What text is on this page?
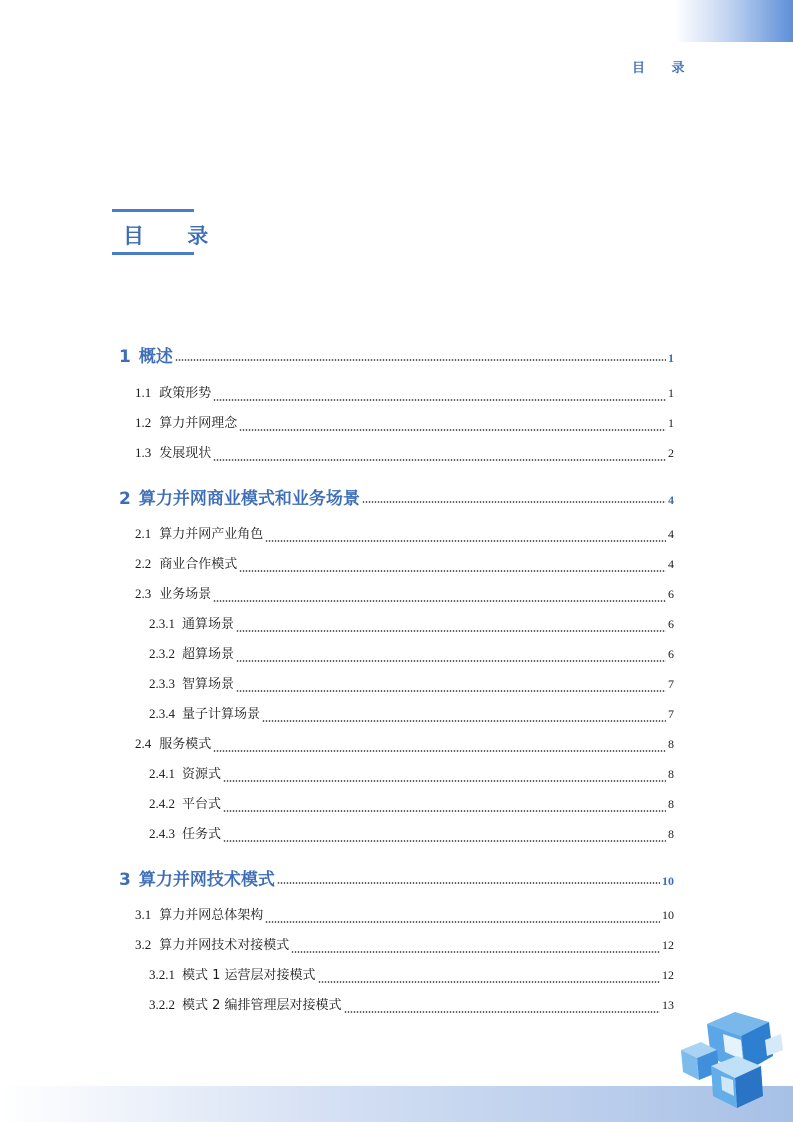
目 录
目 录
1 概述	1
1.1 政策形势	1
1.2 算力并网理念	1
1.3 发展现状	2
2 算力并网商业模式和业务场景	4
2.1 算力并网产业角色	4
2.2 商业合作模式	4
2.3 业务场景	6
2.3.1 通算场景	6
2.3.2 超算场景	6
2.3.3 智算场景	7
2.3.4 量子计算场景	7
2.4 服务模式	8
2.4.1 资源式	8
2.4.2 平台式	8
2.4.3 任务式	8
3 算力并网技术模式	10
3.1 算力并网总体架构	10
3.2 算力并网技术对接模式	12
3.2.1 模式 1 运营层对接模式	12
3.2.2 模式 2 编排管理层对接模式	13
